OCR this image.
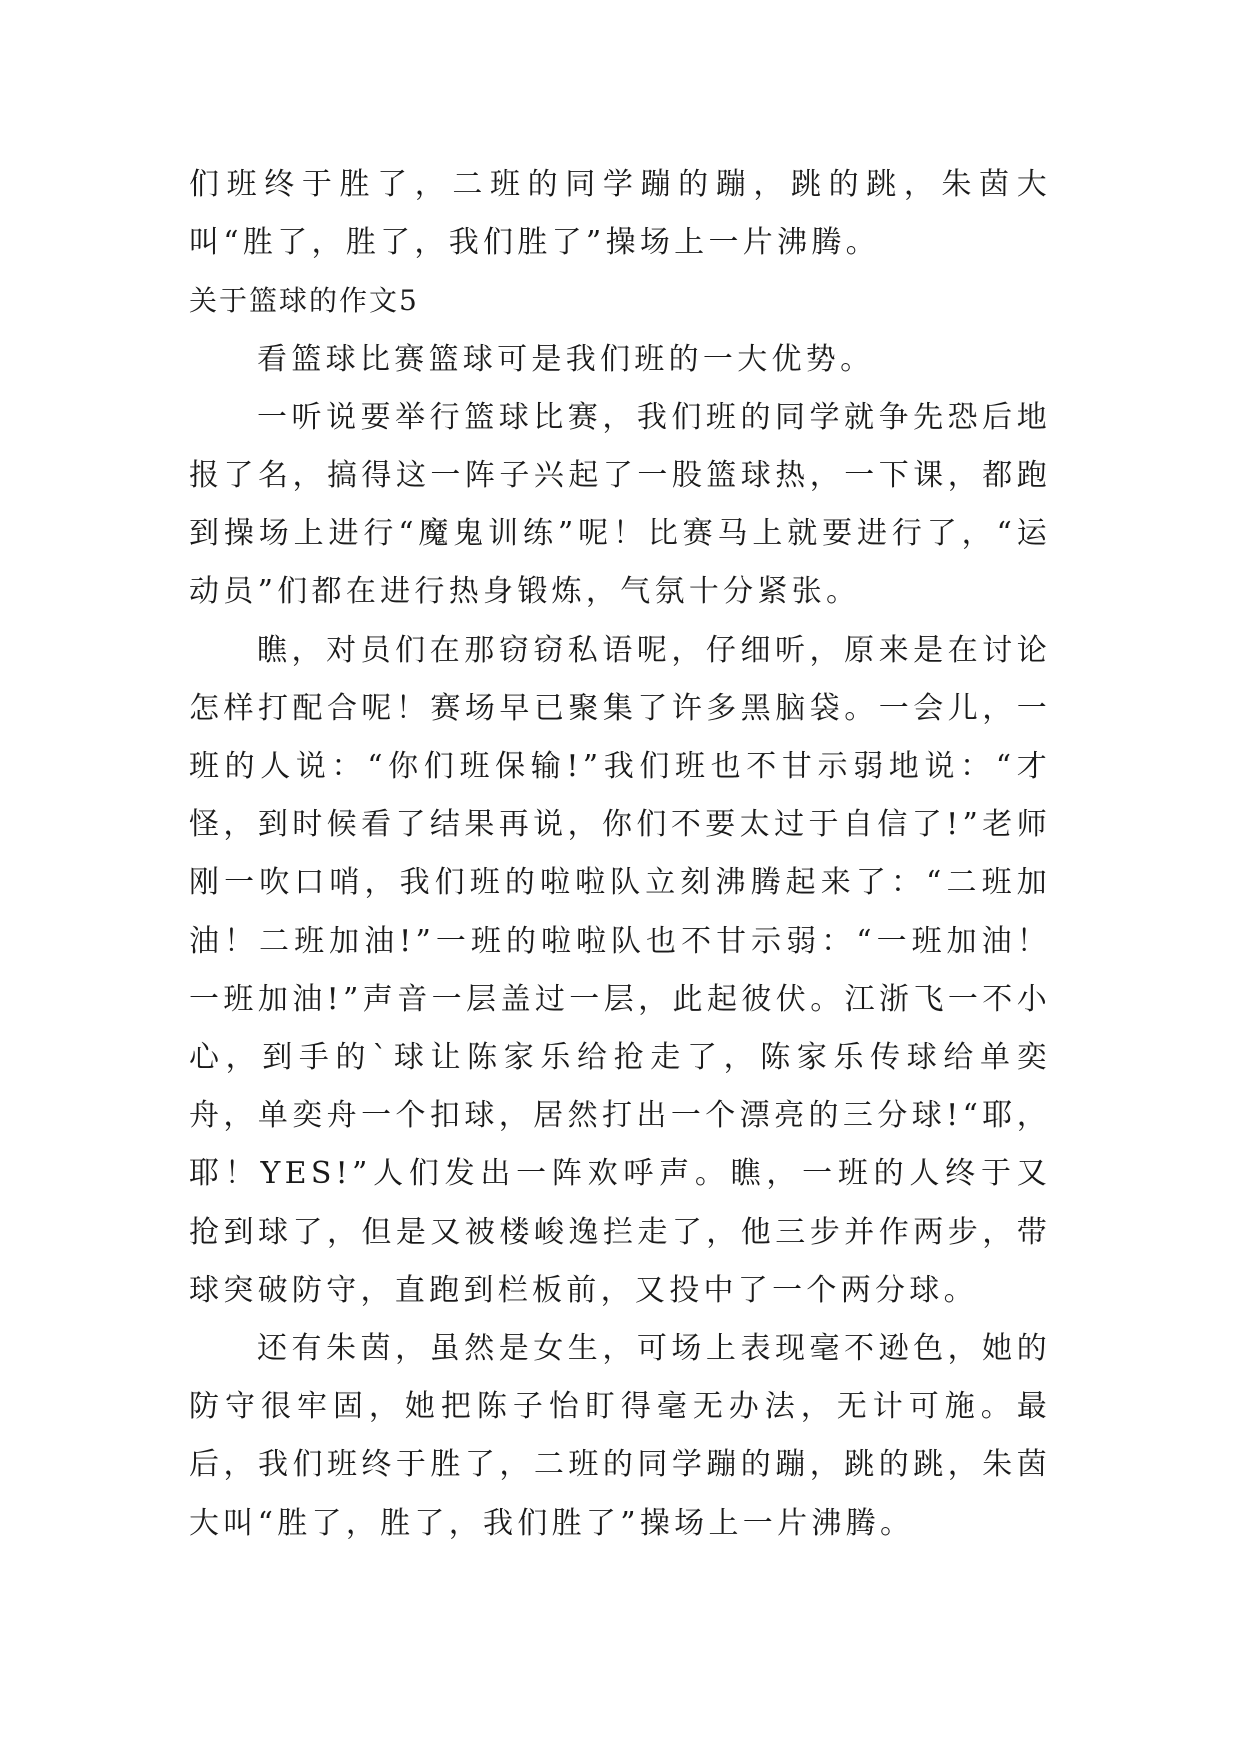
们班终于胜了，二班的同学蹦的蹦，跳的跳，朱茵大叫“胜了，胜了，我们胜了”操场上一片沸腾。

关于篮球的作文5

看篮球比赛篮球可是我们班的一大优势。

一听说要举行篮球比赛，我们班的同学就争先恐后地报了名，搞得这一阵子兴起了一股篮球热，一下课，都跑到操场上进行“魔鬼训练”呢！比赛马上就要进行了，“运动员”们都在进行热身锻炼，气氛十分紧张。

瞧，对员们在那窃窃私语呢，仔细听，原来是在讨论怎样打配合呢！赛场早已聚集了许多黑脑袋。一会儿，一班的人说：“你们班保输!”我们班也不甘示弱地说：“才怪，到时候看了结果再说，你们不要太过于自信了!”老师刚一吹口哨，我们班的啦啦队立刻沸腾起来了：“二班加油！二班加油!”一班的啦啦队也不甘示弱：“一班加油！一班加油!”声音一层盖过一层，此起彼伏。江浙飞一不小心，到手的`球让陈家乐给抢走了，陈家乐传球给单奕舟，单奕舟一个扣球，居然打出一个漂亮的三分球!“耶，耶！YES!”人们发出一阵欢呼声。瞧，一班的人终于又抢到球了，但是又被楼峻逸拦走了，他三步并作两步，带球突破防守，直跑到栏板前，又投中了一个两分球。

还有朱茵，虽然是女生，可场上表现毫不逊色，她的防守很牢固，她把陈子怡盯得毫无办法，无计可施。最后，我们班终于胜了，二班的同学蹦的蹦，跳的跳，朱茵大叫“胜了，胜了，我们胜了”操场上一片沸腾。
